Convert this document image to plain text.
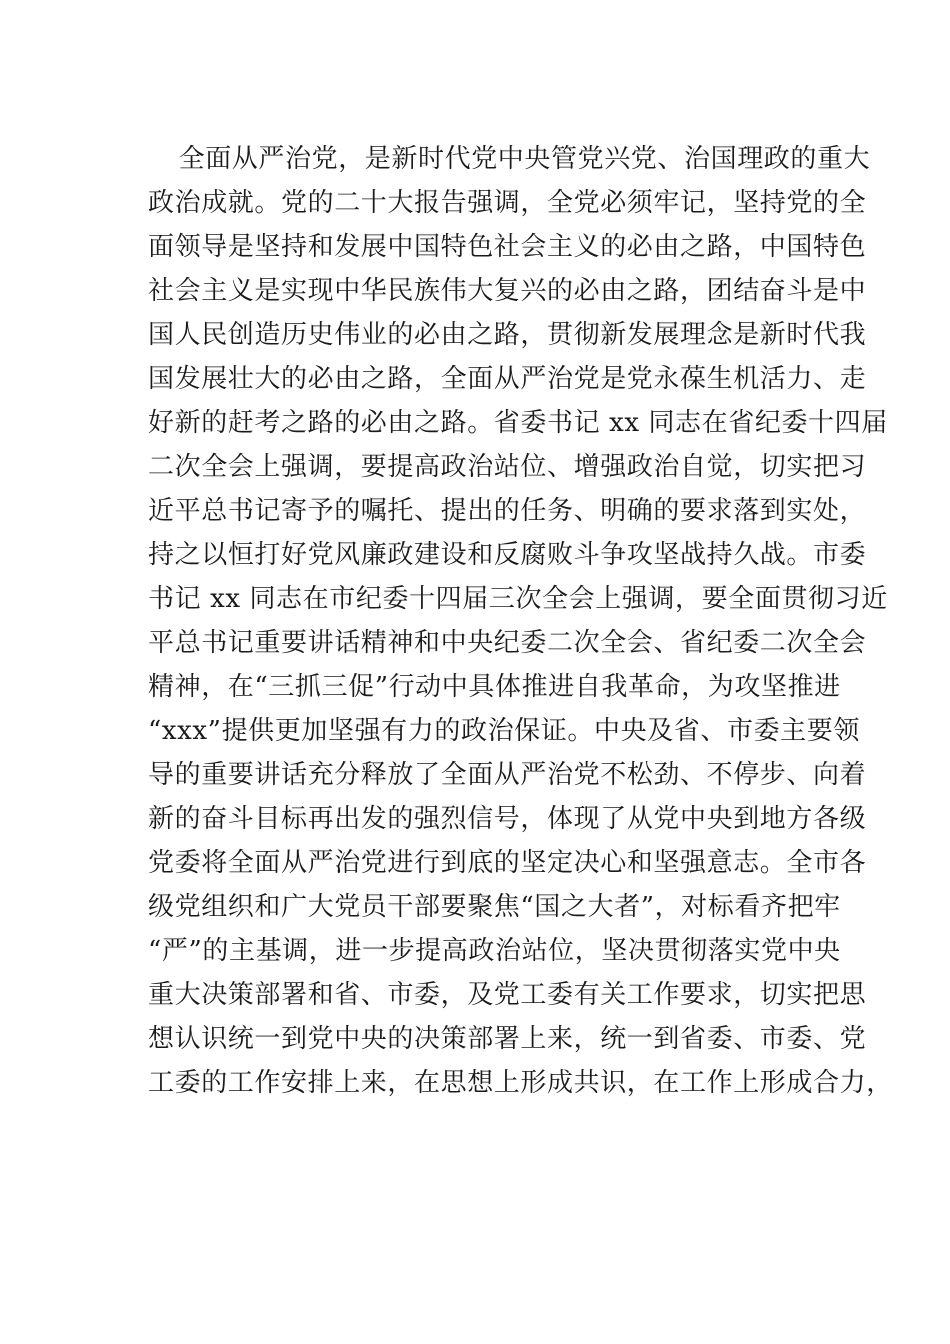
　全面从严治党，是新时代党中央管党兴党、治国理政的重大
政治成就。党的二十大报告强调，全党必须牢记，坚持党的全
面领导是坚持和发展中国特色社会主义的必由之路，中国特色
社会主义是实现中华民族伟大复兴的必由之路，团结奋斗是中
国人民创造历史伟业的必由之路，贯彻新发展理念是新时代我
国发展壮大的必由之路，全面从严治党是党永葆生机活力、走
好新的赶考之路的必由之路。省委书记 xx 同志在省纪委十四届
二次全会上强调，要提高政治站位、增强政治自觉，切实把习
近平总书记寄予的嘱托、提出的任务、明确的要求落到实处，
持之以恒打好党风廉政建设和反腐败斗争攻坚战持久战。市委
书记 xx 同志在市纪委十四届三次全会上强调，要全面贯彻习近
平总书记重要讲话精神和中央纪委二次全会、省纪委二次全会
精神，在“三抓三促”行动中具体推进自我革命，为攻坚推进
“xxx”提供更加坚强有力的政治保证。中央及省、市委主要领
导的重要讲话充分释放了全面从严治党不松劲、不停步、向着
新的奋斗目标再出发的强烈信号，体现了从党中央到地方各级
党委将全面从严治党进行到底的坚定决心和坚强意志。全市各
级党组织和广大党员干部要聚焦“国之大者”，对标看齐把牢
“严”的主基调，进一步提高政治站位，坚决贯彻落实党中央
重大决策部署和省、市委，及党工委有关工作要求，切实把思
想认识统一到党中央的决策部署上来，统一到省委、市委、党
工委的工作安排上来，在思想上形成共识，在工作上形成合力，
